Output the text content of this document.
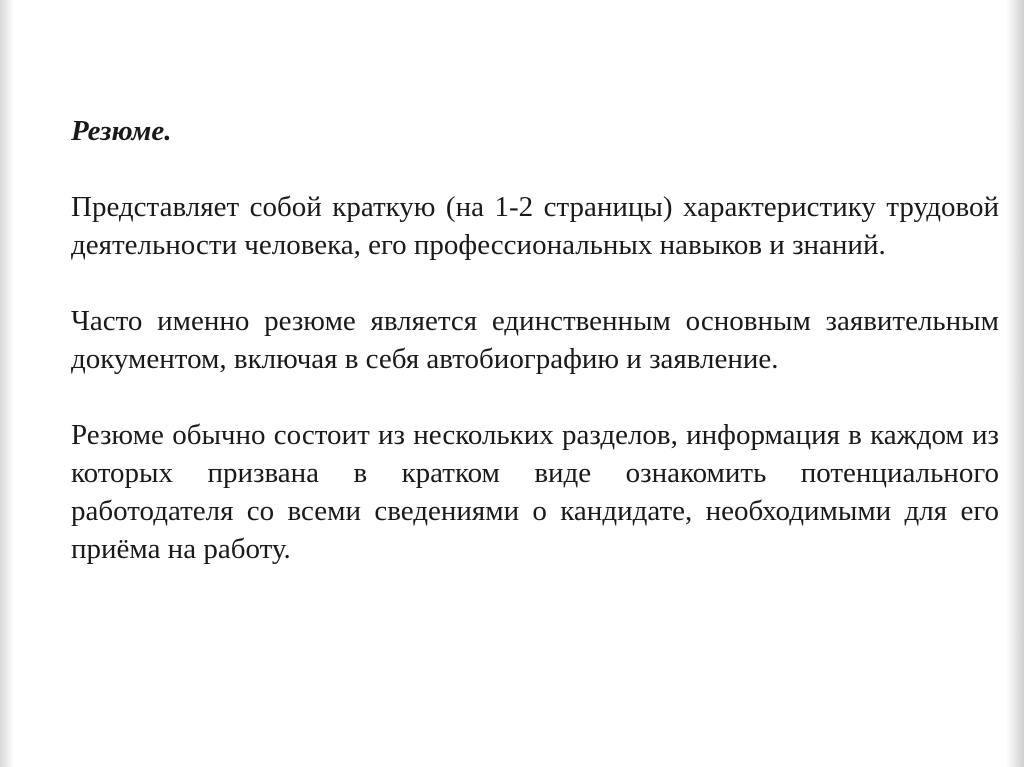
Резюме.
Представляет собой краткую (на 1-2 страницы) характеристику трудовой деятельности человека, его профессиональных навыков и знаний.
Часто именно резюме является единственным основным заявительным документом, включая в себя автобиографию и заявление.
Резюме обычно состоит из нескольких разделов, информация в каждом из которых призвана в кратком виде ознакомить потенциального работодателя со всеми сведениями о кандидате, необходимыми для его приёма на работу.
